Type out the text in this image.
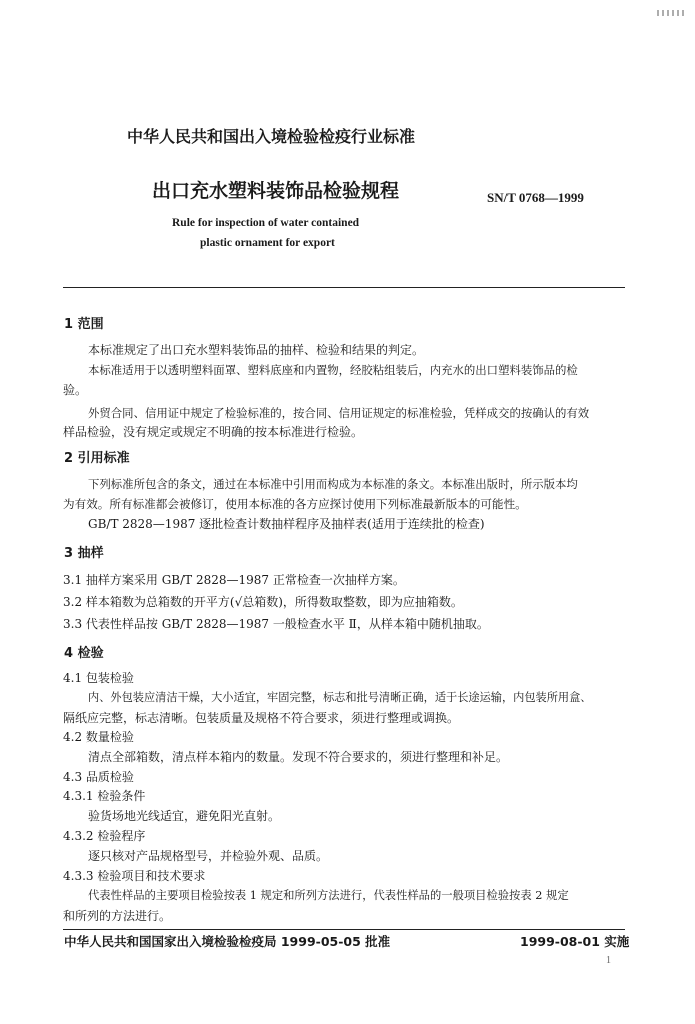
中华人民共和国出入境检验检疫行业标准
出口充水塑料装饰品检验规程	SN/T 0768—1999
Rule for inspection of water contained
plastic ornament for export
1 范围
本标准规定了出口充水塑料装饰品的抽样、检验和结果的判定。
本标准适用于以透明塑料面罩、塑料底座和内置物，经胶粘组装后，内充水的出口塑料装饰品的检
验。
外贸合同、信用证中规定了检验标准的，按合同、信用证规定的标准检验，凭样成交的按确认的有效
样品检验，没有规定或规定不明确的按本标准进行检验。
2 引用标准
下列标准所包含的条文，通过在本标准中引用而构成为本标准的条文。本标准出版时，所示版本均
为有效。所有标准都会被修订，使用本标准的各方应探讨使用下列标准最新版本的可能性。
GB/T 2828—1987 逐批检查计数抽样程序及抽样表(适用于连续批的检查)
3 抽样
3.1 抽样方案采用 GB/T 2828—1987 正常检查一次抽样方案。
3.2 样本箱数为总箱数的开平方(√总箱数)，所得数取整数，即为应抽箱数。
3.3 代表性样品按 GB/T 2828—1987 一般检查水平 Ⅱ，从样本箱中随机抽取。
4 检验
4.1 包装检验
内、外包装应清洁干燥，大小适宜，牢固完整，标志和批号清晰正确，适于长途运输，内包装所用盒、
隔纸应完整，标志清晰。包装质量及规格不符合要求，须进行整理或调换。
4.2 数量检验
清点全部箱数，清点样本箱内的数量。发现不符合要求的，须进行整理和补足。
4.3 品质检验
4.3.1 检验条件
验货场地光线适宜，避免阳光直射。
4.3.2 检验程序
逐只核对产品规格型号，并检验外观、品质。
4.3.3 检验项目和技术要求
代表性样品的主要项目检验按表 1 规定和所列方法进行，代表性样品的一般项目检验按表 2 规定
和所列的方法进行。
中华人民共和国国家出入境检验检疫局 1999-05-05 批准	1999-08-01 实施
1
